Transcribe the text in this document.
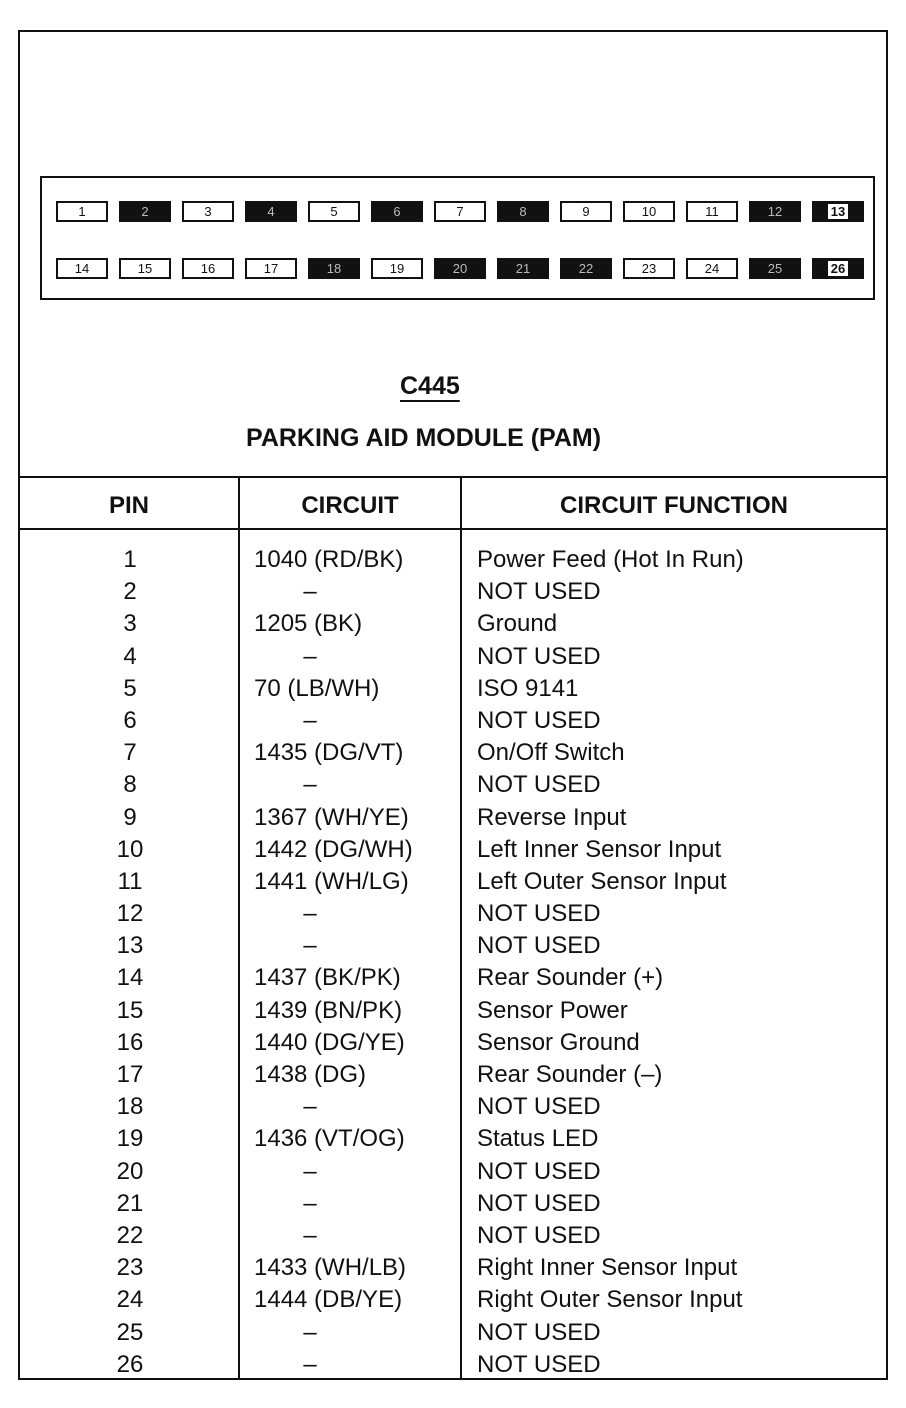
1	2	3	4	5	6	7	8	9	10	11	12	13
14	15	16	17	18	19	20	21	22	23	24	25	26
C445
PARKING AID MODULE (PAM)
PIN	CIRCUIT	CIRCUIT FUNCTION
1	1040 (RD/BK)	Power Feed (Hot In Run)
2	–	NOT USED
3	1205 (BK)	Ground
4	–	NOT USED
5	70 (LB/WH)	ISO 9141
6	–	NOT USED
7	1435 (DG/VT)	On/Off Switch
8	–	NOT USED
9	1367 (WH/YE)	Reverse Input
10	1442 (DG/WH)	Left Inner Sensor Input
11	1441 (WH/LG)	Left Outer Sensor Input
12	–	NOT USED
13	–	NOT USED
14	1437 (BK/PK)	Rear Sounder (+)
15	1439 (BN/PK)	Sensor Power
16	1440 (DG/YE)	Sensor Ground
17	1438 (DG)	Rear Sounder (–)
18	–	NOT USED
19	1436 (VT/OG)	Status LED
20	–	NOT USED
21	–	NOT USED
22	–	NOT USED
23	1433 (WH/LB)	Right Inner Sensor Input
24	1444 (DB/YE)	Right Outer Sensor Input
25	–	NOT USED
26	–	NOT USED
